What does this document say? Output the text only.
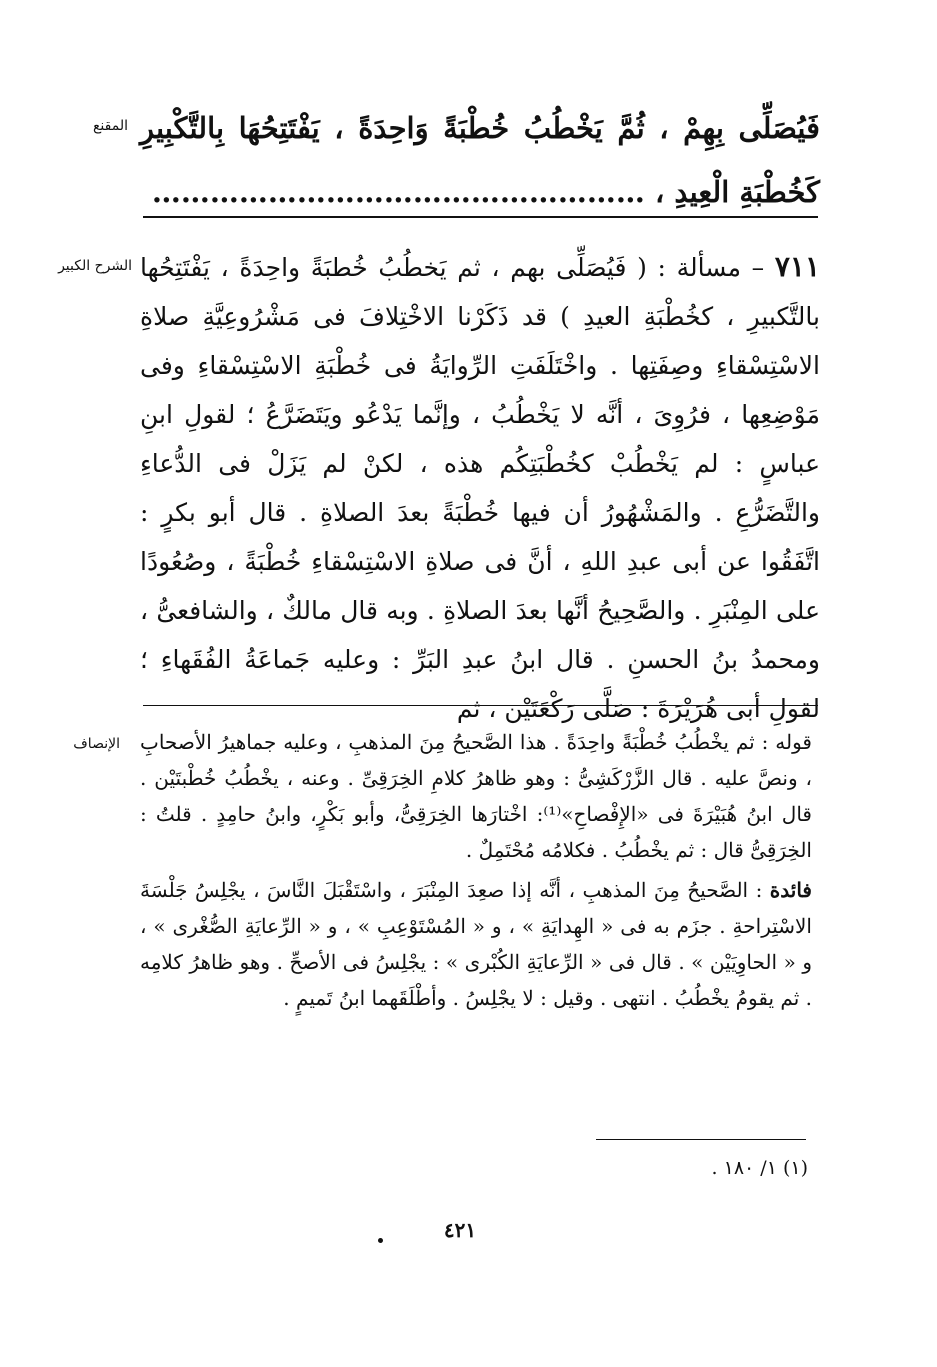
المقنع
الشرح الكبير
الإنصاف

فَيُصَلِّى بِهِمْ ، ثُمَّ يَخْطُبُ خُطْبَةً وَاحِدَةً ، يَفْتَتِحُهَا بِالتَّكْبِيرِ كَخُطْبَةِ الْعِيدِ ، ……………………………………………

٧١١ – مسألة : ( فَيُصَلِّى بهم ، ثم يَخطُبُ خُطبَةً واحِدَةً ، يَفْتَتِحُها بالتَّكبيرِ ، كخُطْبَةِ العيدِ ) قد ذَكَرْنا الاخْتِلافَ فى مَشْرُوعِيَّةِ صلاةِ الاسْتِسْقاءِ وصِفَتِها . واخْتَلَفَتِ الرِّوايَةُ فى خُطْبَةِ الاسْتِسْقاءِ وفى مَوْضِعِها ، فرُوِىَ ، أنَّه لا يَخْطُبُ ، وإنَّما يَدْعُو ويَتَضَرَّعُ ؛ لقولِ ابنِ عباسٍ : لم يَخْطُبْ كخُطْبَتِكُم هذه ، لكنْ لم يَزَلْ فى الدُّعاءِ والتَّضَرُّعِ . والمَشْهُورُ أن فيها خُطْبَةً بعدَ الصلاةِ . قال أبو بكرٍ : اتَّفَقُوا عن أبى عبدِ اللهِ ، أنَّ فى صلاةِ الاسْتِسْقاءِ خُطْبَةً ، وصُعُودًا على المِنْبَرِ . والصَّحِيحُ أنَّها بعدَ الصلاةِ . وبه قال مالكٌ ، والشافعىُّ ، ومحمدُ بنُ الحسنِ . قال ابنُ عبدِ البَرِّ : وعليه جَماعَةُ الفُقَهاءِ ؛ لقولِ أبى هُرَيْرَةَ : صَلَّى رَكْعَتَيْن ، ثم

قوله : ثم يخْطُبُ خُطْبَةً واحِدَةً . هذا الصَّحيحُ مِنَ المذهبِ ، وعليه جماهيرُ الأصحابِ ، ونصَّ عليه . قال الزَّرْكَشِىُّ : وهو ظاهرُ كلامِ الخِرَقِىِّ . وعنه ، يخْطُبُ خُطْبتَيْن . قال ابنُ هُبَيْرَةَ فى «الإِفْصاحِ»⁽¹⁾: اخْتارَها الخِرَقِىُّ، وأبو بَكْرٍ، وابنُ حامِدٍ . قلتُ : الخِرَقِىُّ قال : ثم يخْطُبُ . فكلامُه مُحْتَمِلٌ .

فائدة : الصَّحيحُ مِنَ المذهبِ ، أنَّه إذا صعِدَ المِنْبَرَ ، واسْتَقْبَلَ النَّاسَ ، يجْلِسُ جَلْسَةَ الاسْتِراحةِ . جزَم به فى « الهِدايَةِ » ، و « المُسْتَوْعِبِ » ، و « الرِّعايَةِ الصُّغْرى » ، و « الحاوِيَيْن » . قال فى « الرِّعايَةِ الكُبْرى » : يجْلِسُ فى الأصحِّ . وهو ظاهرُ كلامِه . ثم يقومُ يخْطُبُ . انتهى . وقيل : لا يجْلِسُ . وأطْلَقَهما ابنُ تَميمٍ .

(١) ١/ ١٨٠ .
٤٢١
